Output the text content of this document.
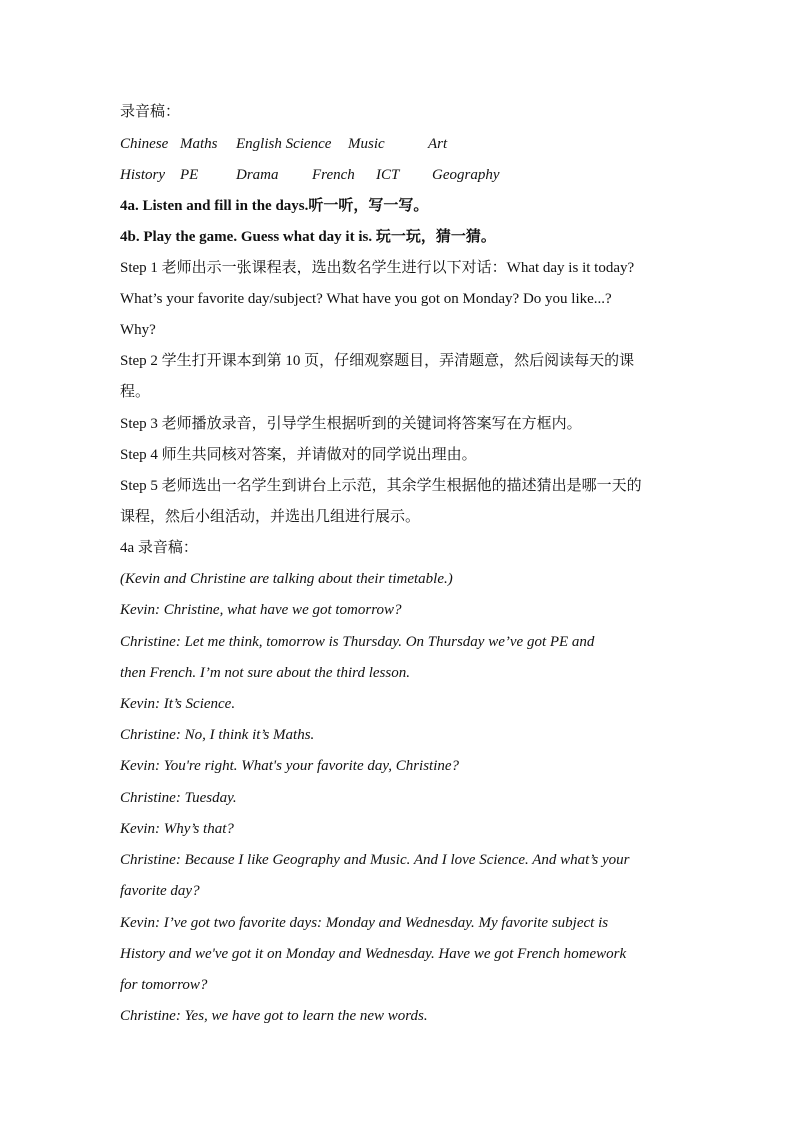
录音稿：
Chinese Maths English Science Music	Art
History PE	Drama French ICT Geography
4a. Listen and fill in the days.听一听，写一写。
4b. Play the game. Guess what day it is. 玩一玩，猜一猜。
Step 1 老师出示一张课程表，选出数名学生进行以下对话：What day is it today?
What’s your favorite day/subject? What have you got on Monday? Do you like...?
Why?
Step 2 学生打开课本到第 10 页，仔细观察题目，弄清题意，然后阅读每天的课
程。
Step 3 老师播放录音，引导学生根据听到的关键词将答案写在方框内。
Step 4 师生共同核对答案，并请做对的同学说出理由。
Step 5 老师选出一名学生到讲台上示范，其余学生根据他的描述猜出是哪一天的
课程，然后小组活动，并选出几组进行展示。
4a 录音稿：
(Kevin and Christine are talking about their timetable.)
Kevin: Christine, what have we got tomorrow?
Christine: Let me think, tomorrow is Thursday. On Thursday we’ve got PE and
then French. I’m not sure about the third lesson.
Kevin: It’s Science.
Christine: No, I think it’s Maths.
Kevin: You're right. What's your favorite day, Christine?
Christine: Tuesday.
Kevin: Why’s that?
Christine: Because I like Geography and Music. And I love Science. And what’s your
favorite day?
Kevin: I’ve got two favorite days: Monday and Wednesday. My favorite subject is
History and we've got it on Monday and Wednesday. Have we got French homework
for tomorrow?
Christine: Yes, we have got to learn the new words.
